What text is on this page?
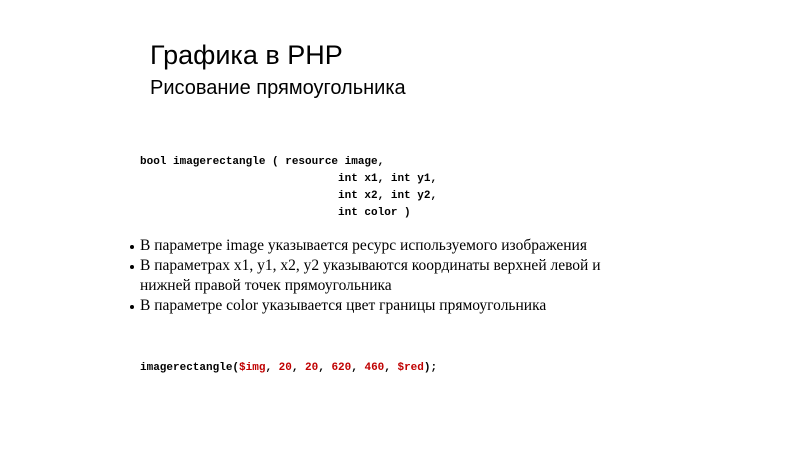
Графика в PHP
Рисование прямоугольника
bool imagerectangle ( resource image,
int x1, int y1,
int x2, int y2,
int color )
В параметре image указывается ресурс используемого изображения
В параметрах x1, y1, x2, y2 указываются координаты верхней левой и нижней правой точек прямоугольника
В параметре color указывается цвет границы прямоугольника
imagerectangle($img, 20, 20, 620, 460, $red);
